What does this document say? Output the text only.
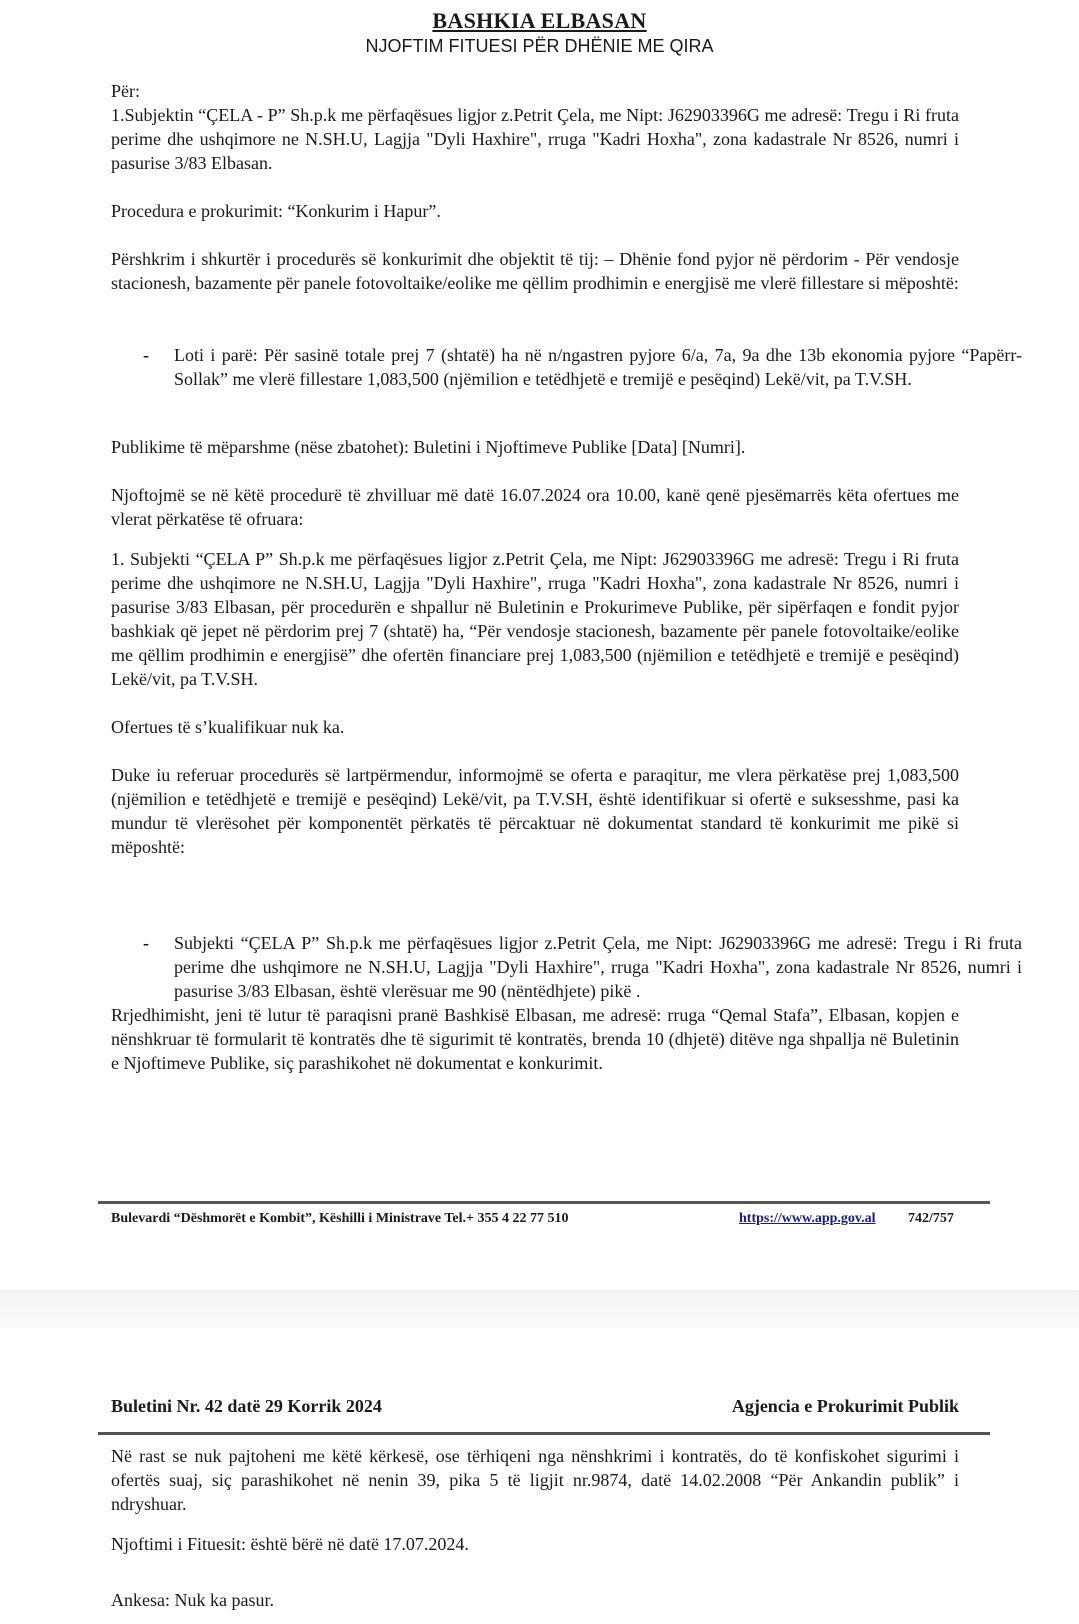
BASHKIA ELBASAN
NJOFTIM FITUESI PËR DHËNIE ME QIRA
Për:

1.Subjektin “ÇELA - P” Sh.p.k me përfaqësues ligjor z.Petrit Çela, me Nipt: J62903396G me adresë: Tregu i Ri fruta perime dhe ushqimore ne N.SH.U, Lagjja "Dyli Haxhire", rruga "Kadri Hoxha", zona kadastrale Nr 8526, numri i pasurise 3/83 Elbasan.

Procedura e prokurimit: “Konkurim i Hapur”.

Përshkrim i shkurtër i procedurës së konkurimit dhe objektit të tij: – Dhënie fond pyjor në përdorim - Për vendosje stacionesh, bazamente për panele fotovoltaike/eolike me qëllim prodhimin e energjisë me vlerë fillestare si mëposhtë:

- Loti i parë: Për sasinë totale prej 7 (shtatë) ha në n/ngastren pyjore 6/a, 7a, 9a dhe 13b ekonomia pyjore “Papërr-Sollak” me vlerë fillestare 1,083,500 (njëmilion e tetëdhjetë e tremijë e pesëqind) Lekë/vit, pa T.V.SH.

Publikime të mëparshme (nëse zbatohet): Buletini i Njoftimeve Publike [Data] [Numri].

Njoftojmë se në këtë procedurë të zhvilluar më datë 16.07.2024 ora 10.00, kanë qenë pjesëmarrës këta ofertues me vlerat përkatëse të ofruara:

1. Subjekti “ÇELA P” Sh.p.k me përfaqësues ligjor z.Petrit Çela, me Nipt: J62903396G me adresë: Tregu i Ri fruta perime dhe ushqimore ne N.SH.U, Lagjja "Dyli Haxhire", rruga "Kadri Hoxha", zona kadastrale Nr 8526, numri i pasurise 3/83 Elbasan, për procedurën e shpallur në Buletinin e Prokurimeve Publike, për sipërfaqen e fondit pyjor bashkiak që jepet në përdorim prej 7 (shtatë) ha, “Për vendosje stacionesh, bazamente për panele fotovoltaike/eolike me qëllim prodhimin e energjisë” dhe ofertën financiare prej 1,083,500 (njëmilion e tetëdhjetë e tremijë e pesëqind) Lekë/vit, pa T.V.SH.

Ofertues të s’kualifikuar nuk ka.

Duke iu referuar procedurës së lartpërmendur, informojmë se oferta e paraqitur, me vlera përkatëse prej 1,083,500 (njëmilion e tetëdhjetë e tremijë e pesëqind) Lekë/vit, pa T.V.SH, është identifikuar si ofertë e suksesshme, pasi ka mundur të vlerësohet për komponentët përkatës të përcaktuar në dokumentat standard të konkurimit me pikë si mëposhtë:

- Subjekti “ÇELA P” Sh.p.k me përfaqësues ligjor z.Petrit Çela, me Nipt: J62903396G me adresë: Tregu i Ri fruta perime dhe ushqimore ne N.SH.U, Lagjja "Dyli Haxhire", rruga "Kadri Hoxha", zona kadastrale Nr 8526, numri i pasurise 3/83 Elbasan, është vlerësuar me 90 (nëntëdhjete) pikë .

Rrjedhimisht, jeni të lutur të paraqisni pranë Bashkisë Elbasan, me adresë: rruga “Qemal Stafa”, Elbasan, kopjen e nënshkruar të formularit të kontratës dhe të sigurimit të kontratës, brenda 10 (dhjetë) ditëve nga shpallja në Buletinin e Njoftimeve Publike, siç parashikohet në dokumentat e konkurimit.

Bulevardi “Dëshmorët e Kombit”, Këshilli i Ministrave Tel.+ 355 4 22 77 510	https://www.app.gov.al 742/757
Buletini Nr. 42 datë 29 Korrik 2024	Agjencia e Prokurimit Publik

Në rast se nuk pajtoheni me këtë kërkesë, ose tërhiqeni nga nënshkrimi i kontratës, do të konfiskohet sigurimi i ofertës suaj, siç parashikohet në nenin 39, pika 5 të ligjit nr.9874, datë 14.02.2008 “Për Ankandin publik” i ndryshuar.

Njoftimi i Fituesit: është bërë në datë 17.07.2024.

Ankesa: Nuk ka pasur.
